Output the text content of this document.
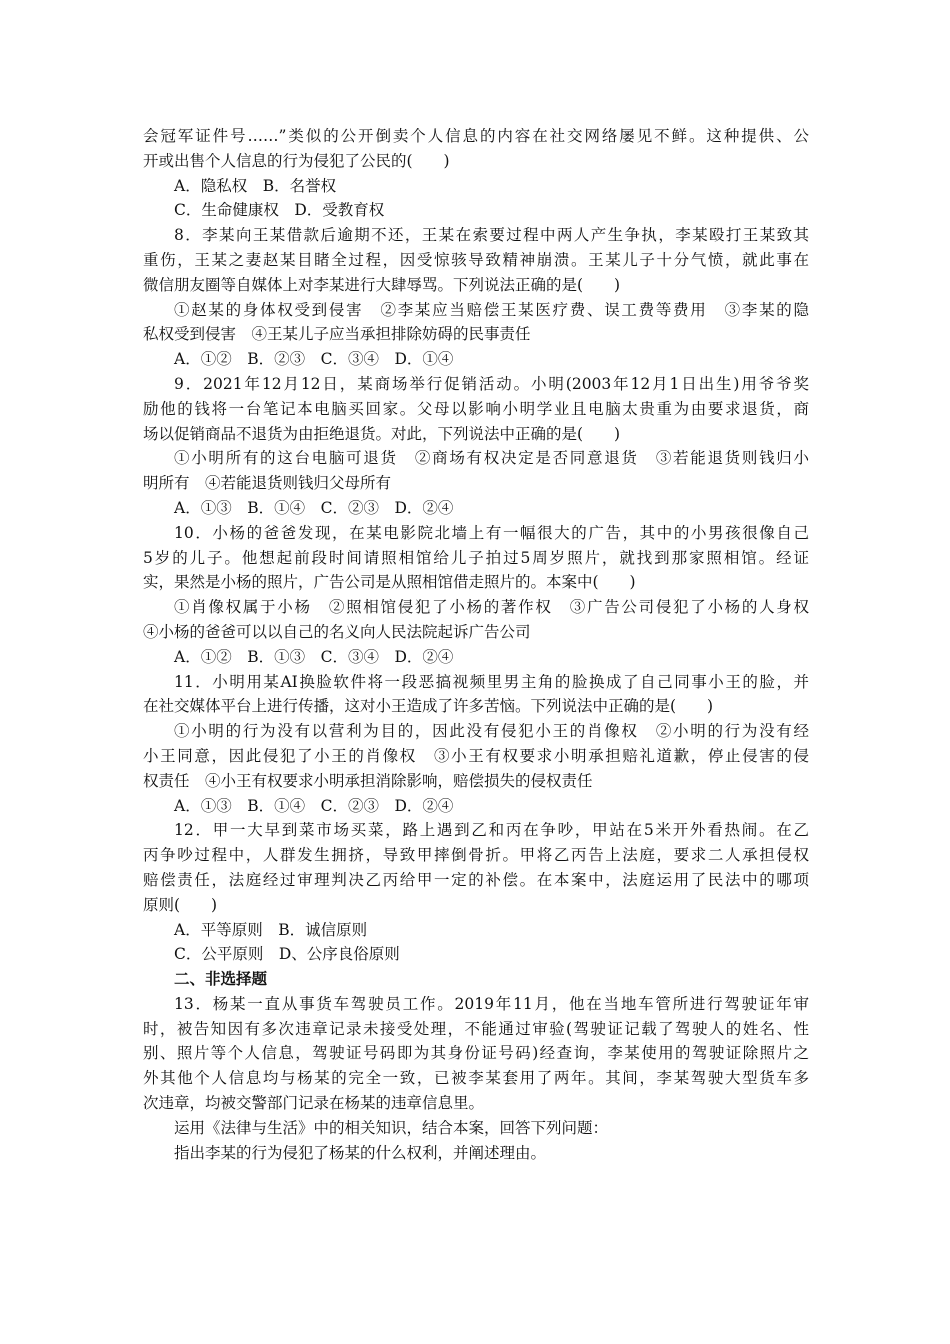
会冠军证件号……”类似的公开倒卖个人信息的内容在社交网络屡见不鲜。这种提供、公
开或出售个人信息的行为侵犯了公民的(　　)
A．隐私权　B．名誉权
C．生命健康权　D．受教育权
8．李某向王某借款后逾期不还，王某在索要过程中两人产生争执，李某殴打王某致其
重伤，王某之妻赵某目睹全过程，因受惊骇导致精神崩溃。王某儿子十分气愤，就此事在
微信朋友圈等自媒体上对李某进行大肆辱骂。下列说法正确的是(　　)
①赵某的身体权受到侵害　②李某应当赔偿王某医疗费、误工费等费用　③李某的隐
私权受到侵害　④王某儿子应当承担排除妨碍的民事责任
A．①②　B．②③　C．③④　D．①④
9．2021年12月12日，某商场举行促销活动。小明(2003年12月1日出生)用爷爷奖
励他的钱将一台笔记本电脑买回家。父母以影响小明学业且电脑太贵重为由要求退货，商
场以促销商品不退货为由拒绝退货。对此，下列说法中正确的是(　　)
①小明所有的这台电脑可退货　②商场有权决定是否同意退货　③若能退货则钱归小
明所有　④若能退货则钱归父母所有
A．①③　B．①④　C．②③　D．②④
10．小杨的爸爸发现，在某电影院北墙上有一幅很大的广告，其中的小男孩很像自己
5岁的儿子。他想起前段时间请照相馆给儿子拍过5周岁照片，就找到那家照相馆。经证
实，果然是小杨的照片，广告公司是从照相馆借走照片的。本案中(　　)
①肖像权属于小杨　②照相馆侵犯了小杨的著作权　③广告公司侵犯了小杨的人身权
④小杨的爸爸可以以自己的名义向人民法院起诉广告公司
A．①②　B．①③　C．③④　D．②④
11．小明用某AI换脸软件将一段恶搞视频里男主角的脸换成了自己同事小王的脸，并
在社交媒体平台上进行传播，这对小王造成了许多苦恼。下列说法中正确的是(　　)
①小明的行为没有以营利为目的，因此没有侵犯小王的肖像权　②小明的行为没有经
小王同意，因此侵犯了小王的肖像权　③小王有权要求小明承担赔礼道歉，停止侵害的侵
权责任　④小王有权要求小明承担消除影响，赔偿损失的侵权责任
A．①③　B．①④　C．②③　D．②④
12．甲一大早到菜市场买菜，路上遇到乙和丙在争吵，甲站在5米开外看热闹。在乙
丙争吵过程中，人群发生拥挤，导致甲摔倒骨折。甲将乙丙告上法庭，要求二人承担侵权
赔偿责任，法庭经过审理判决乙丙给甲一定的补偿。在本案中，法庭运用了民法中的哪项
原则(　　)
A．平等原则　B．诚信原则
C．公平原则　D、公序良俗原则
二、非选择题
13．杨某一直从事货车驾驶员工作。2019年11月，他在当地车管所进行驾驶证年审
时，被告知因有多次违章记录未接受处理，不能通过审验(驾驶证记载了驾驶人的姓名、性
别、照片等个人信息，驾驶证号码即为其身份证号码)经查询，李某使用的驾驶证除照片之
外其他个人信息均与杨某的完全一致，已被李某套用了两年。其间，李某驾驶大型货车多
次违章，均被交警部门记录在杨某的违章信息里。
运用《法律与生活》中的相关知识，结合本案，回答下列问题：
指出李某的行为侵犯了杨某的什么权利，并阐述理由。
